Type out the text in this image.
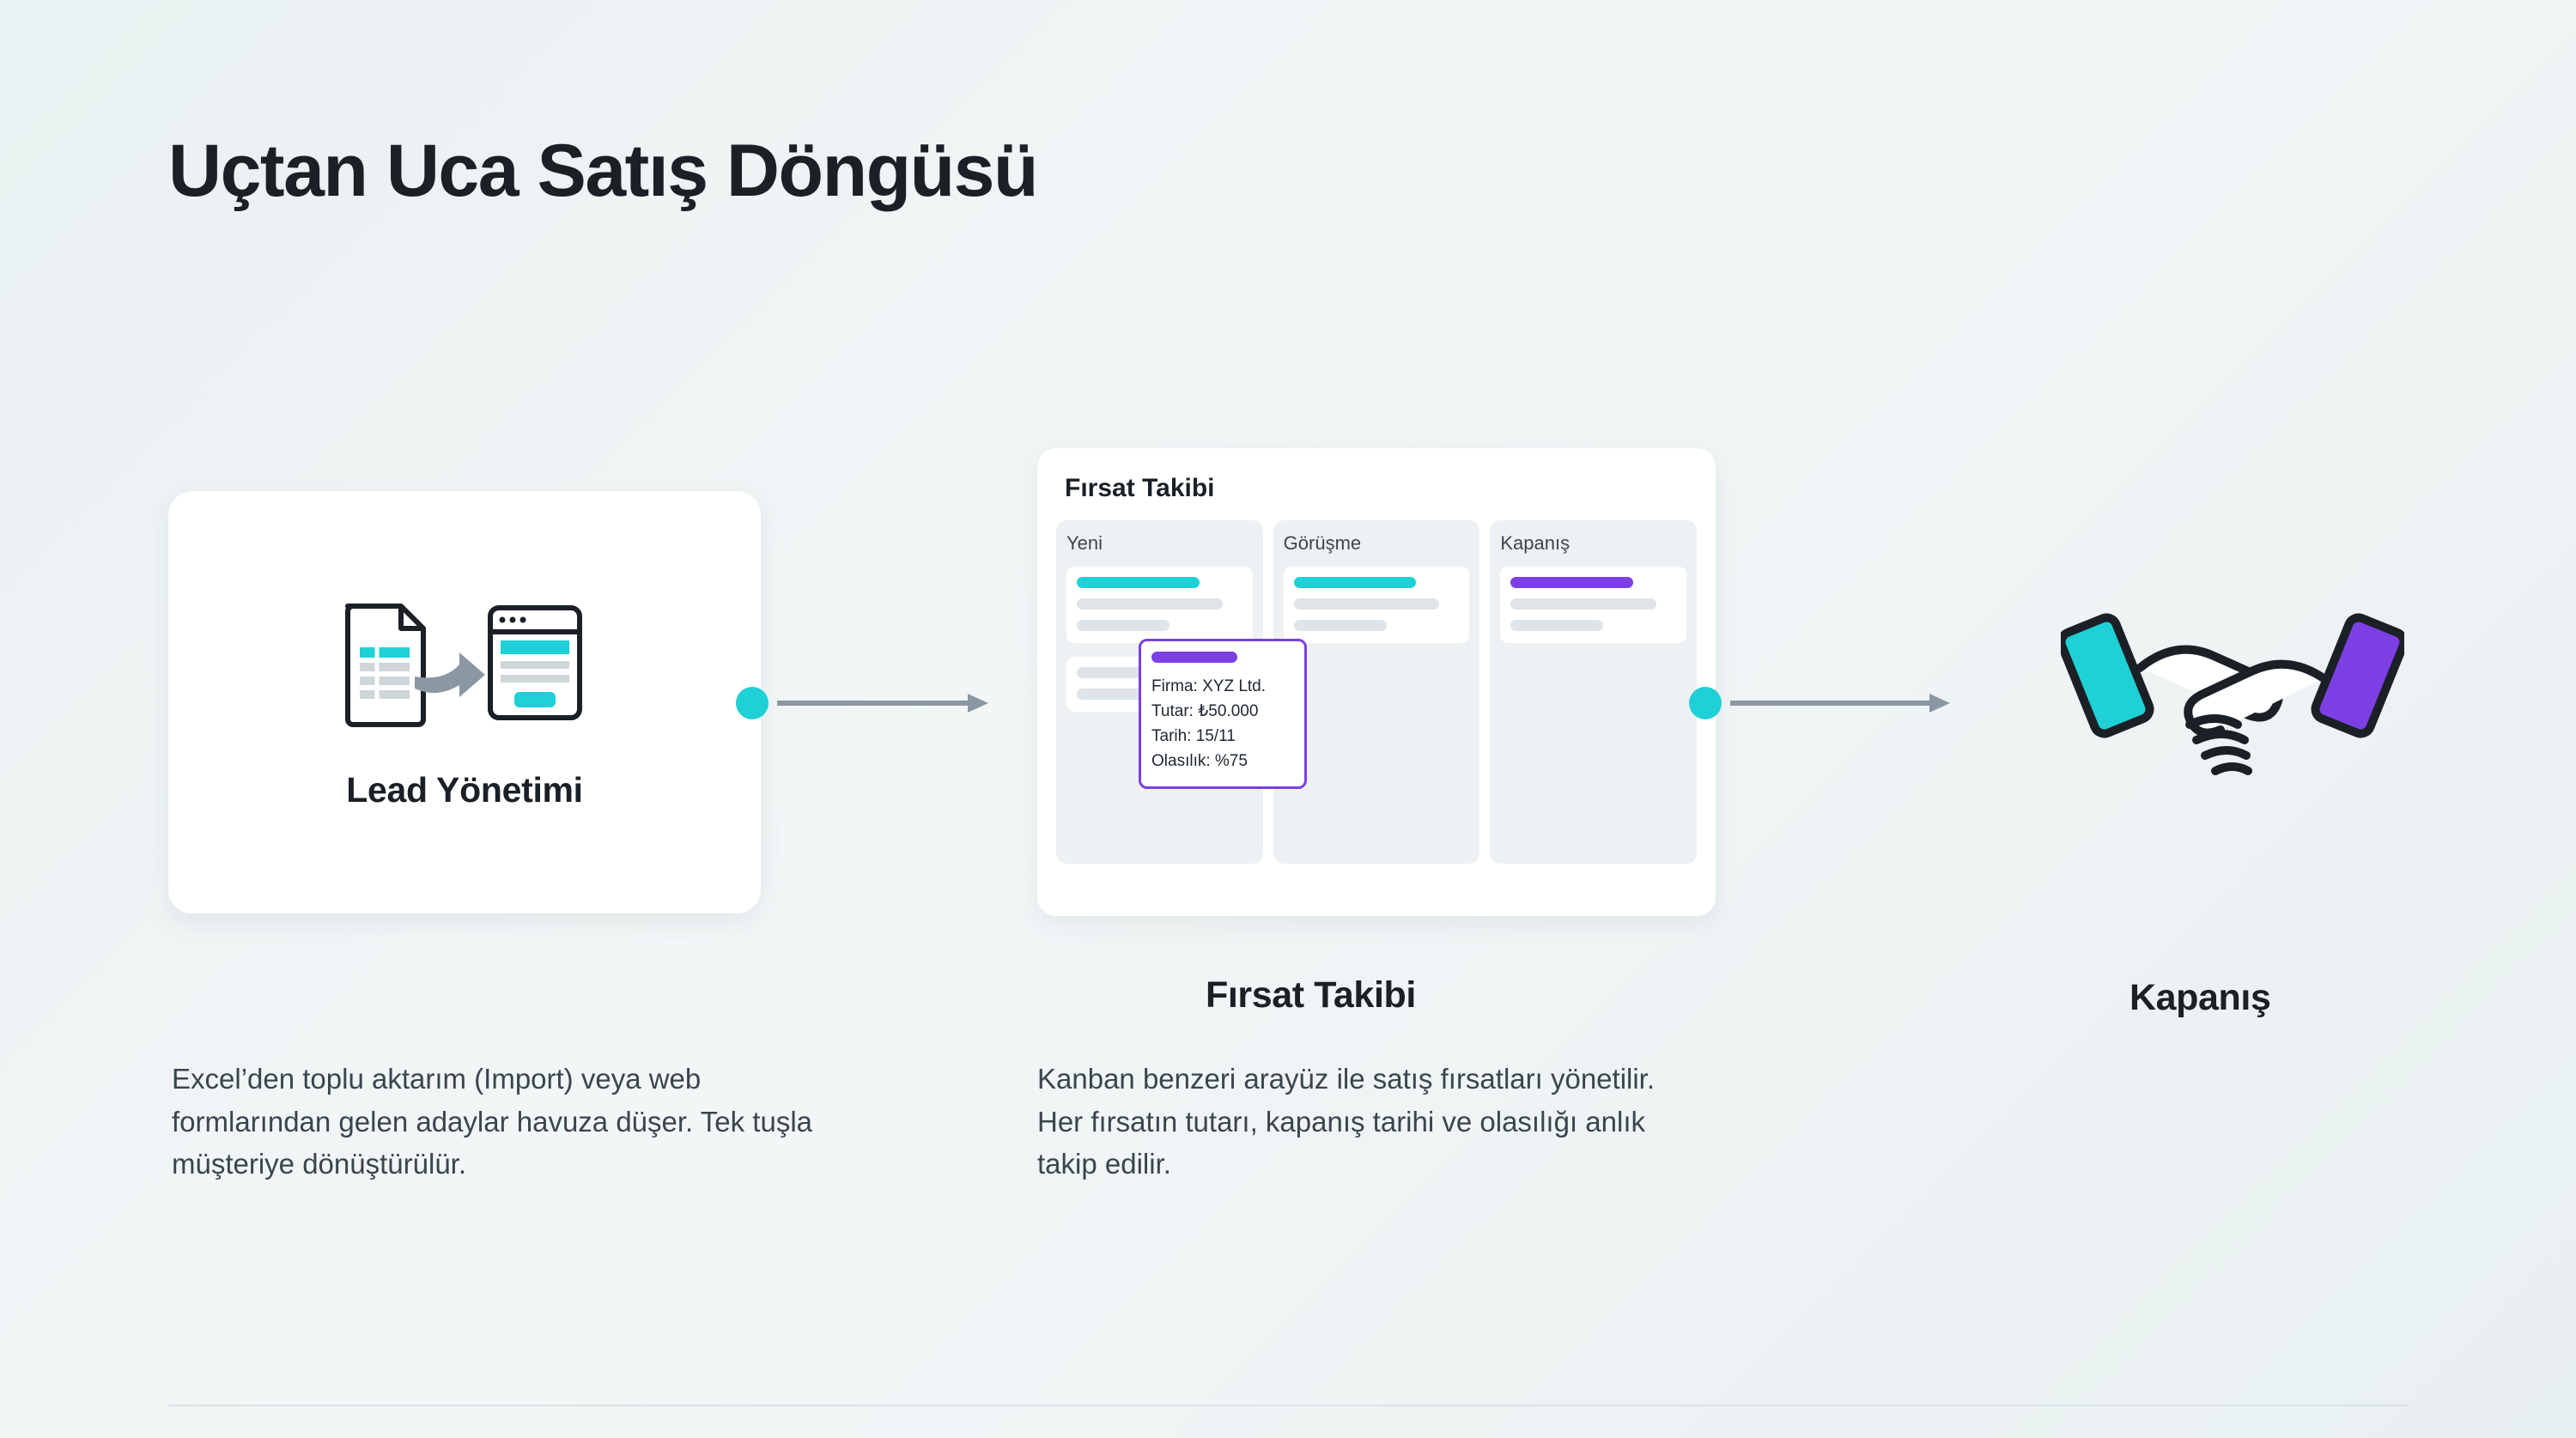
Uçtan Uca Satış Döngüsü
Lead Yönetimi
Excel’den toplu aktarım (Import) veya web formlarından gelen adaylar havuza düşer. Tek tuşla müşteriye dönüştürülür.
Fırsat Takibi
Yeni	Görüşme	Kapanış
Firma: XYZ Ltd.
Tutar: ₺50.000
Tarih: 15/11
Olasılık: %75
Fırsat Takibi
Kanban benzeri arayüz ile satış fırsatları yönetilir. Her fırsatın tutarı, kapanış tarihi ve olasılığı anlık takip edilir.
Kapanış
